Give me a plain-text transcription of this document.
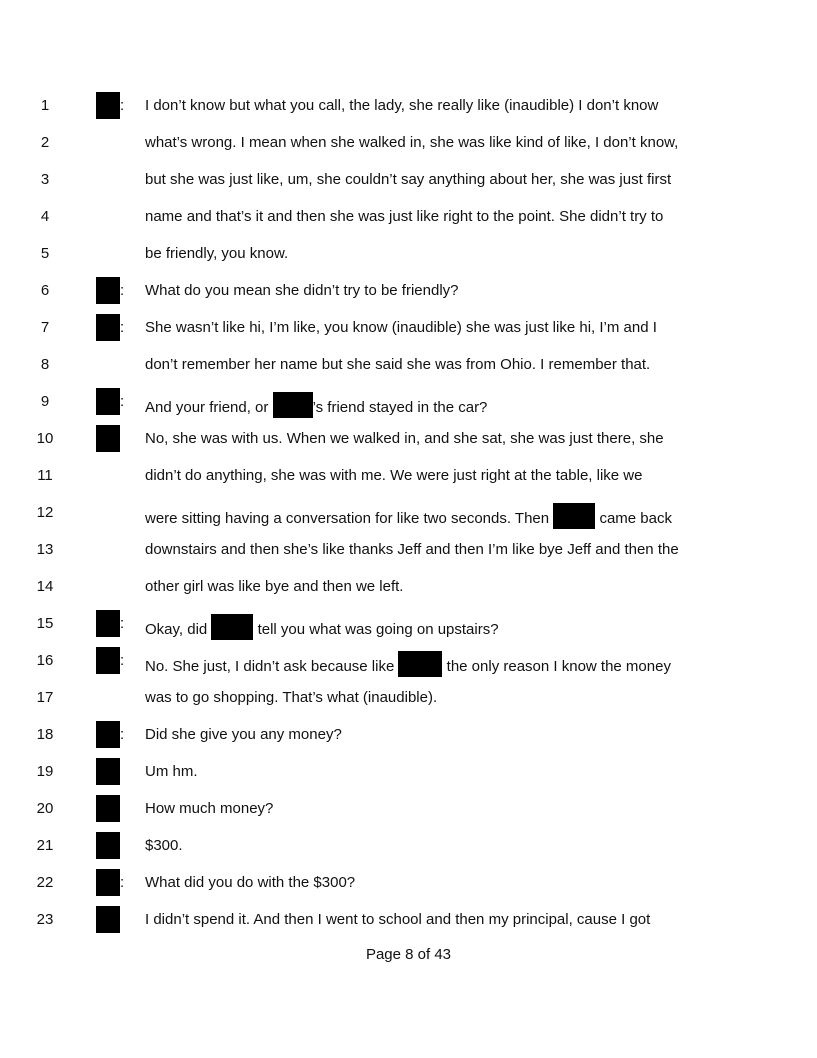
1	: I don’t know but what you call, the lady, she really like (inaudible) I don’t know
2	what’s wrong. I mean when she walked in, she was like kind of like, I don’t know,
3	but she was just like, um, she couldn’t say anything about her, she was just first
4	name and that’s it and then she was just like right to the point. She didn’t try to
5	be friendly, you know.
6	: What do you mean she didn’t try to be friendly?
7	: She wasn’t like hi, I’m like, you know (inaudible) she was just like hi, I’m and I
8	don’t remember her name but she said she was from Ohio. I remember that.
9	: And your friend, or	’s friend stayed in the car?
10	No, she was with us. When we walked in, and she sat, she was just there, she
11	didn’t do anything, she was with me. We were just right at the table, like we
12	were sitting having a conversation for like two seconds. Then	came back
13	downstairs and then she’s like thanks Jeff and then I’m like bye Jeff and then the
14	other girl was like bye and then we left.
15	: Okay, did	tell you what was going on upstairs?
16	: No. She just, I didn’t ask because like	the only reason I know the money
17	was to go shopping. That’s what (inaudible).
18	: Did she give you any money?
19	Um hm.
20	How much money?
21	$300.
22	: What did you do with the $300?
23	I didn’t spend it. And then I went to school and then my principal, cause I got
Page 8 of 43
